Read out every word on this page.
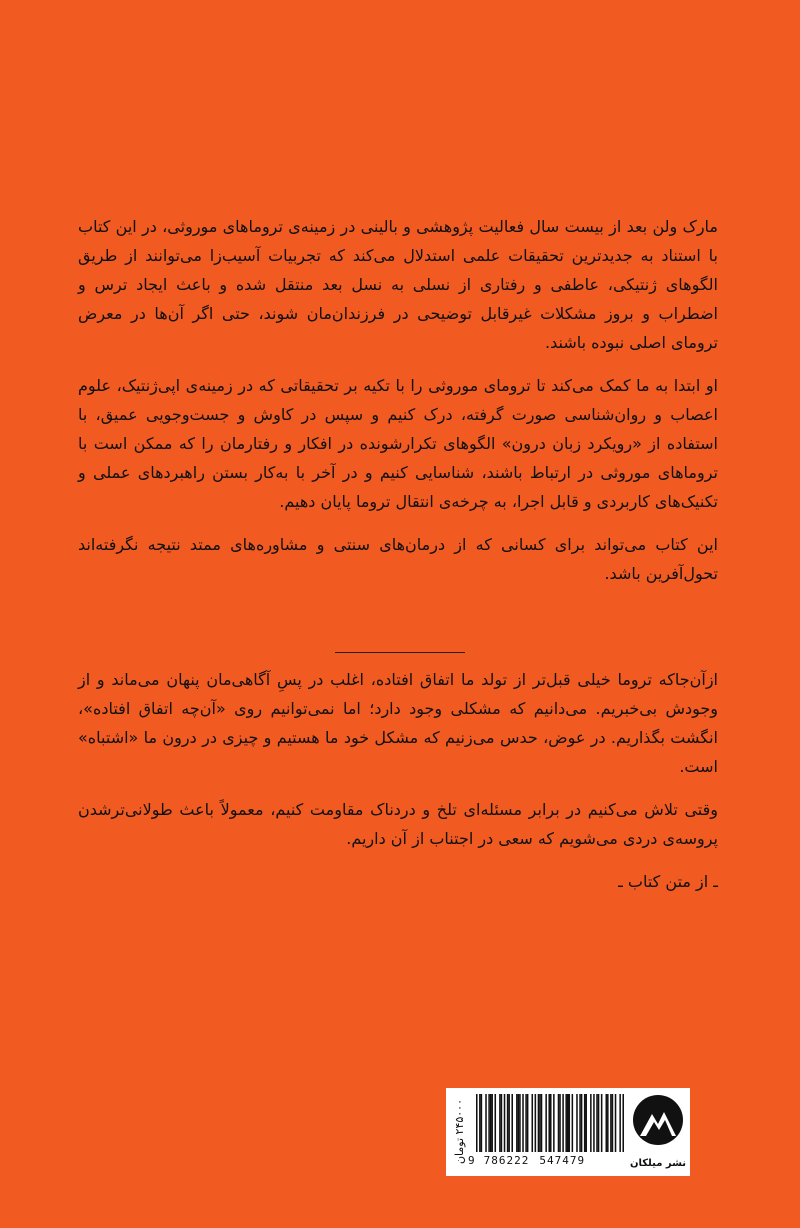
مارک ولن بعد از بیست سال فعالیت پژوهشی و بالینی در زمینه‌ی تروماهای موروثی، در این کتاب با استناد به جدیدترین تحقیقات علمی استدلال می‌کند که تجربیات آسیب‌زا می‌توانند از طریق الگوهای ژنتیکی، عاطفی و رفتاری از نسلی به نسل بعد منتقل شده و باعث ایجاد ترس و اضطراب و بروز مشکلات غیرقابل توضیحی در فرزندان‌مان شوند، حتی اگر آن‌ها در معرض ترومای اصلی نبوده باشند.

او ابتدا به ما کمک می‌کند تا ترومای موروثی را با تکیه بر تحقیقاتی که در زمینه‌ی اپی‌ژنتیک، علوم اعصاب و روان‌شناسی صورت گرفته، درک کنیم و سپس در کاوش و جست‌وجویی عمیق، با استفاده از «رویکرد زبان درون» الگوهای تکرارشونده در افکار و رفتارمان را که ممکن است با تروماهای موروثی در ارتباط باشند، شناسایی کنیم و در آخر با به‌کار بستن راهبردهای عملی و تکنیک‌های کاربردی و قابل اجرا، به چرخه‌ی انتقال تروما پایان دهیم.

این کتاب می‌تواند برای کسانی که از درمان‌های سنتی و مشاوره‌های ممتد نتیجه نگرفته‌اند تحول‌آفرین باشد.

ازآن‌جاکه تروما خیلی قبل‌تر از تولد ما اتفاق افتاده، اغلب در پسِ آگاهی‌مان پنهان می‌ماند و از وجودش بی‌خبریم. می‌دانیم که مشکلی وجود دارد؛ اما نمی‌توانیم روی «آن‌چه اتفاق افتاده»، انگشت بگذاریم. در عوض، حدس می‌زنیم که مشکل خود ما هستیم و چیزی در درون ما «اشتباه» است.

وقتی تلاش می‌کنیم در برابر مسئله‌ای تلخ و دردناک مقاومت کنیم، معمولاً باعث طولانی‌ترشدن پروسه‌ی دردی می‌شویم که سعی در اجتناب از آن داریم.

ـ از متن کتاب ـ

۲۴۵۰۰۰ تومان
9 786222 547479	نشر میلکان
